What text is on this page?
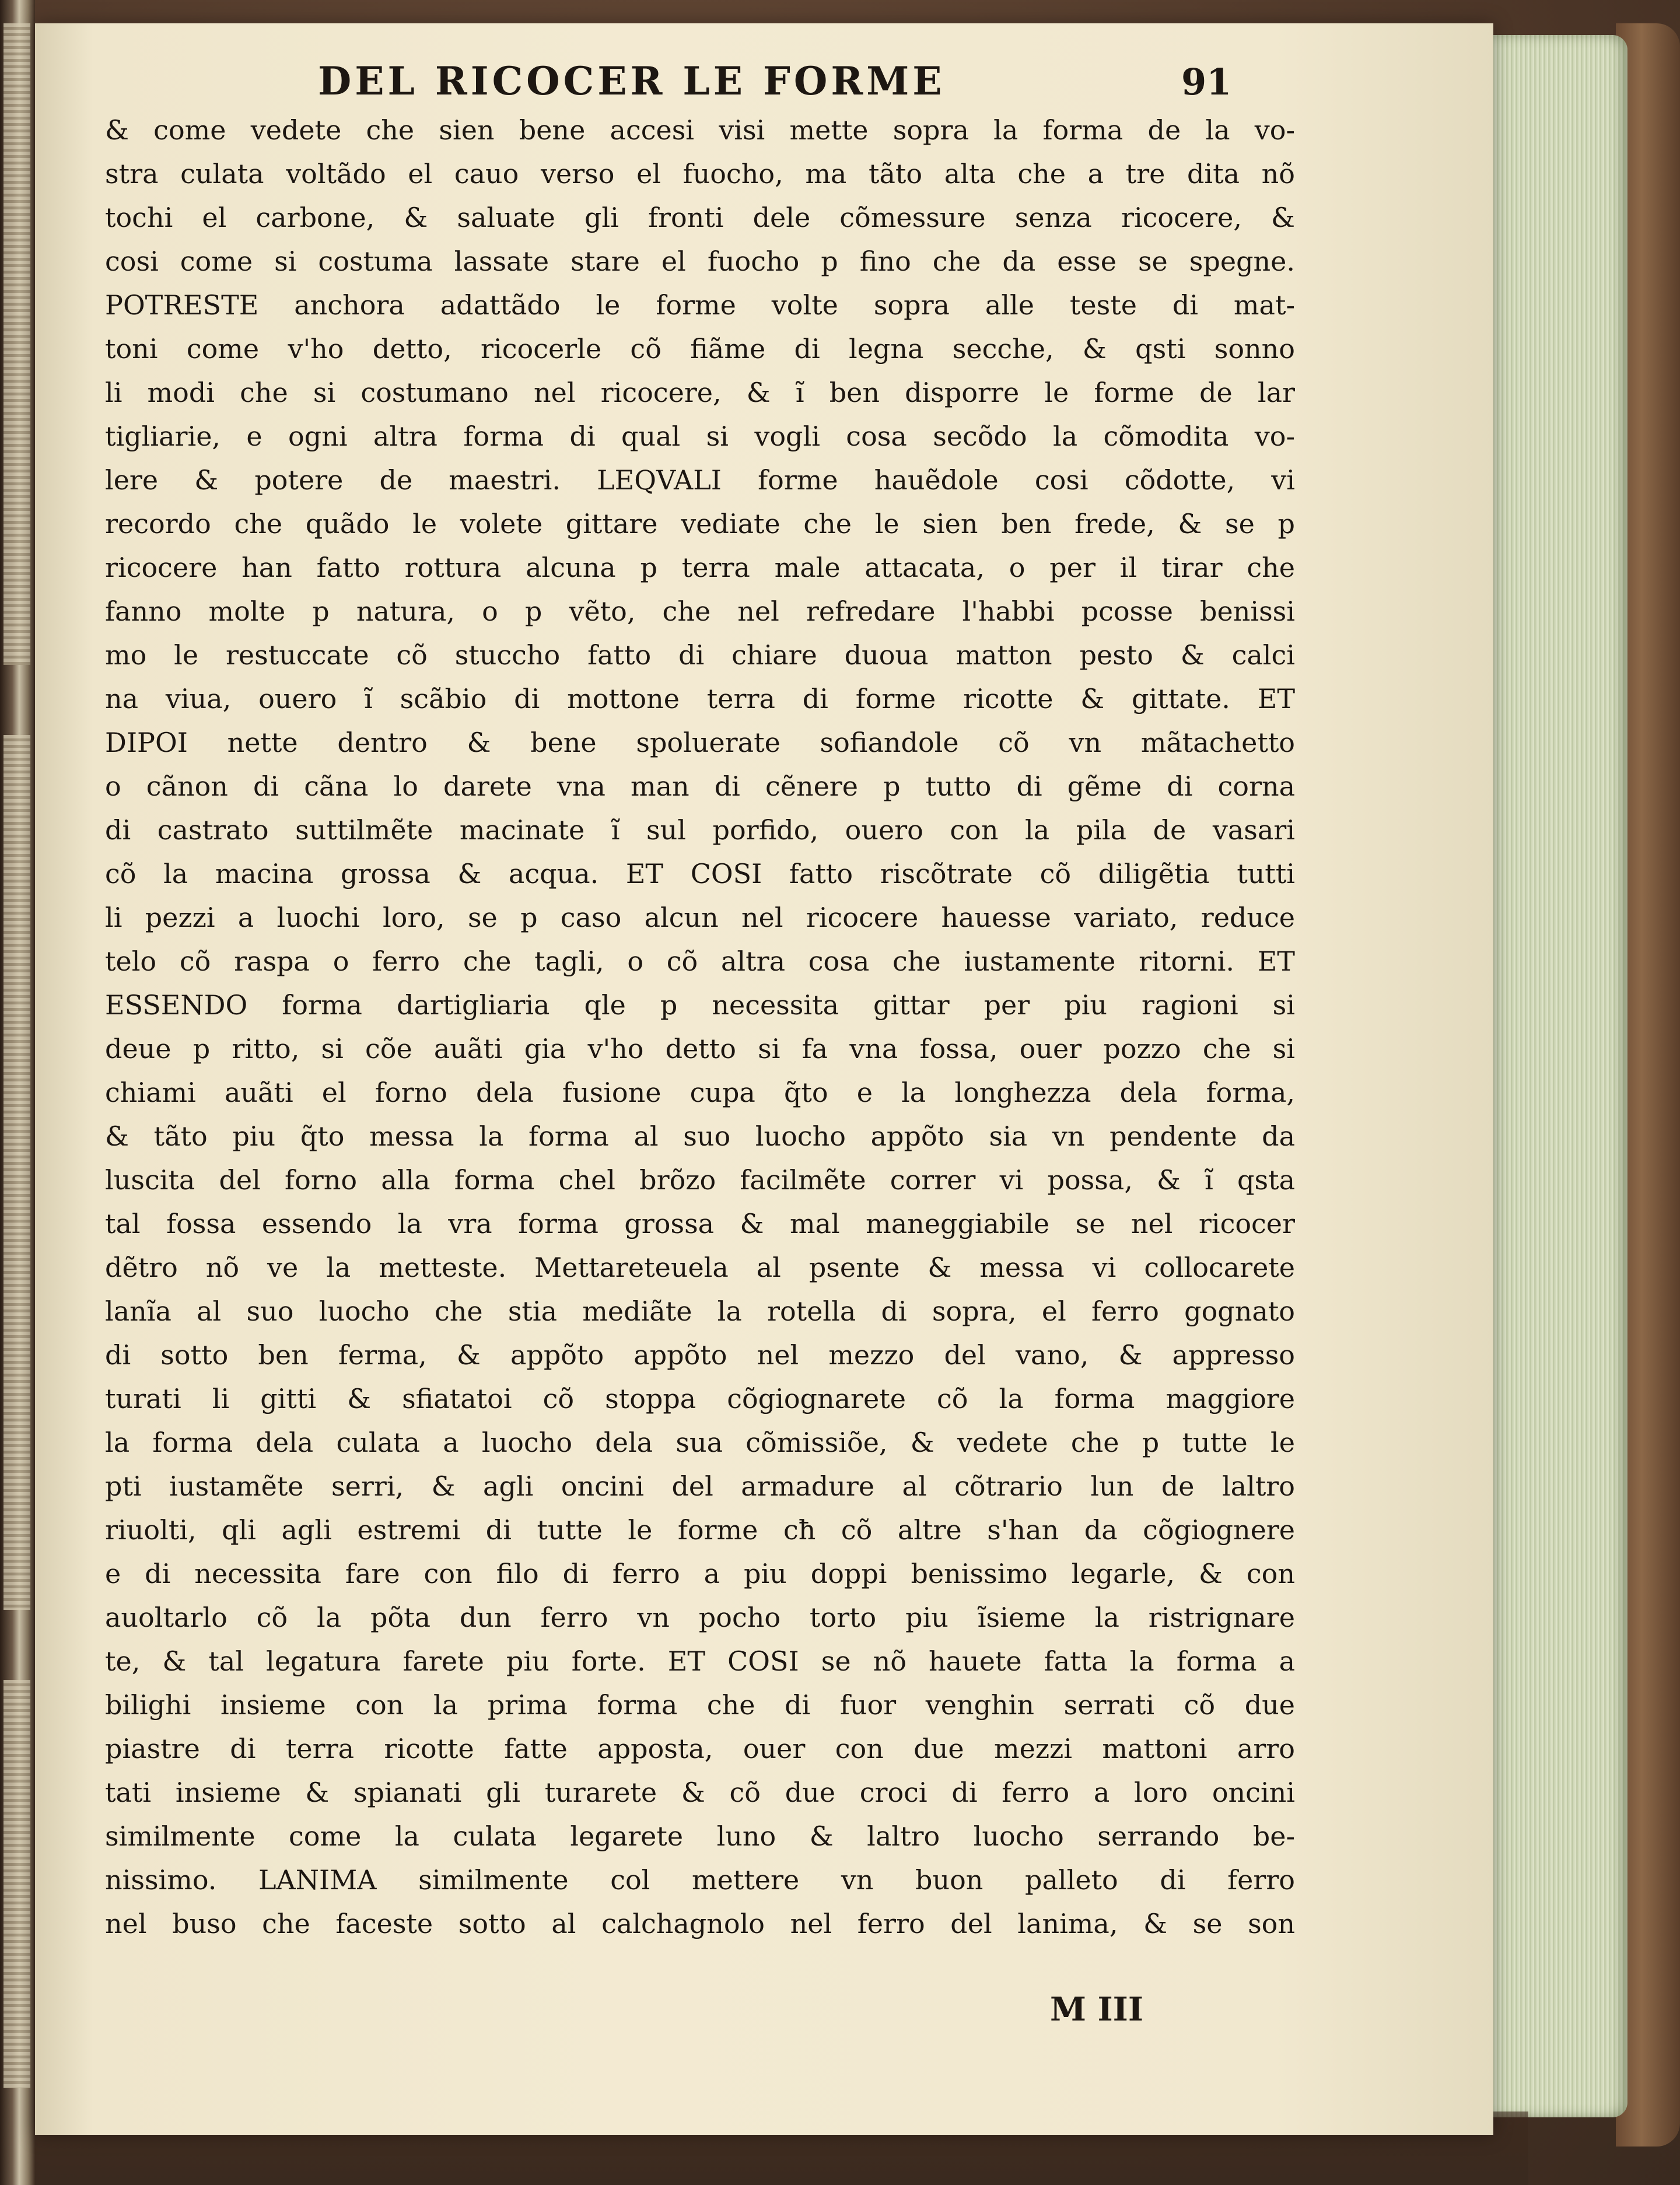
DEL RICOCER LE FORME	91
& come vedete che sien bene accesi visi mette sopra la forma de la vo-
stra culata voltãdo el cauo verso el fuocho, ma tãto alta che a tre dita nõ
tochi el carbone, & saluate gli fronti dele cõmessure senza ricocere, &
cosi come si costuma lassate stare el fuocho p fino che da esse se spegne.
POTRESTE anchora adattãdo le forme volte sopra alle teste di mat-
toni come v'ho detto, ricocerle cõ fiãme di legna secche, & qsti sonno
li modi che si costumano nel ricocere, & ĩ ben disporre le forme de lar
tigliarie, e ogni altra forma di qual si vogli cosa secõdo la cõmodita vo-
lere & potere de maestri. LEQVALI forme hauẽdole cosi cõdotte, vi
recordo che quãdo le volete gittare vediate che le sien ben frede, & se p
ricocere han fatto rottura alcuna p terra male attacata, o per il tirar che
fanno molte p natura, o p vẽto, che nel refredare l'habbi pcosse benissi
mo le restuccate cõ stuccho fatto di chiare duoua matton pesto & calci
na viua, ouero ĩ scãbio di mottone terra di forme ricotte & gittate. ET
DIPOI nette dentro & bene spoluerate sofiandole cõ vn mãtachetto
o cãnon di cãna lo darete vna man di cẽnere p tutto di gẽme di corna
di castrato suttilmẽte macinate ĩ sul porfido, ouero con la pila de vasari
cõ la macina grossa & acqua. ET COSI fatto riscõtrate cõ diligẽtia tutti
li pezzi a luochi loro, se p caso alcun nel ricocere hauesse variato, reduce
telo cõ raspa o ferro che tagli, o cõ altra cosa che iustamente ritorni. ET
ESSENDO forma dartigliaria qle p necessita gittar per piu ragioni si
deue p ritto, si cõe auãti gia v'ho detto si fa vna fossa, ouer pozzo che si
chiami auãti el forno dela fusione cupa q̃to e la longhezza dela forma,
& tãto piu q̃to messa la forma al suo luocho appõto sia vn pendente da
luscita del forno alla forma chel brõzo facilmẽte correr vi possa, & ĩ qsta
tal fossa essendo la vra forma grossa & mal maneggiabile se nel ricocer
dẽtro nõ ve la metteste. Mettareteuela al psente & messa vi collocarete
lanĩa al suo luocho che stia mediãte la rotella di sopra, el ferro gognato
di sotto ben ferma, & appõto appõto nel mezzo del vano, & appresso
turati li gitti & sfiatatoi cõ stoppa cõgiognarete cõ la forma maggiore
la forma dela culata a luocho dela sua cõmissiõe, & vedete che p tutte le
pti iustamẽte serri, & agli oncini del armadure al cõtrario lun de laltro
riuolti, qli agli estremi di tutte le forme cħ cõ altre s'han da cõgiognere
e di necessita fare con filo di ferro a piu doppi benissimo legarle, & con
auoltarlo cõ la põta dun ferro vn pocho torto piu ĩsieme la ristrignare
te, & tal legatura farete piu forte. ET COSI se nõ hauete fatta la forma a
bilighi insieme con la prima forma che di fuor venghin serrati cõ due
piastre di terra ricotte fatte apposta, ouer con due mezzi mattoni arro
tati insieme & spianati gli turarete & cõ due croci di ferro a loro oncini
similmente come la culata legarete luno & laltro luocho serrando be-
nissimo. LANIMA similmente col mettere vn buon palleto di ferro
nel buso che faceste sotto al calchagnolo nel ferro del lanima, & se son
M III
